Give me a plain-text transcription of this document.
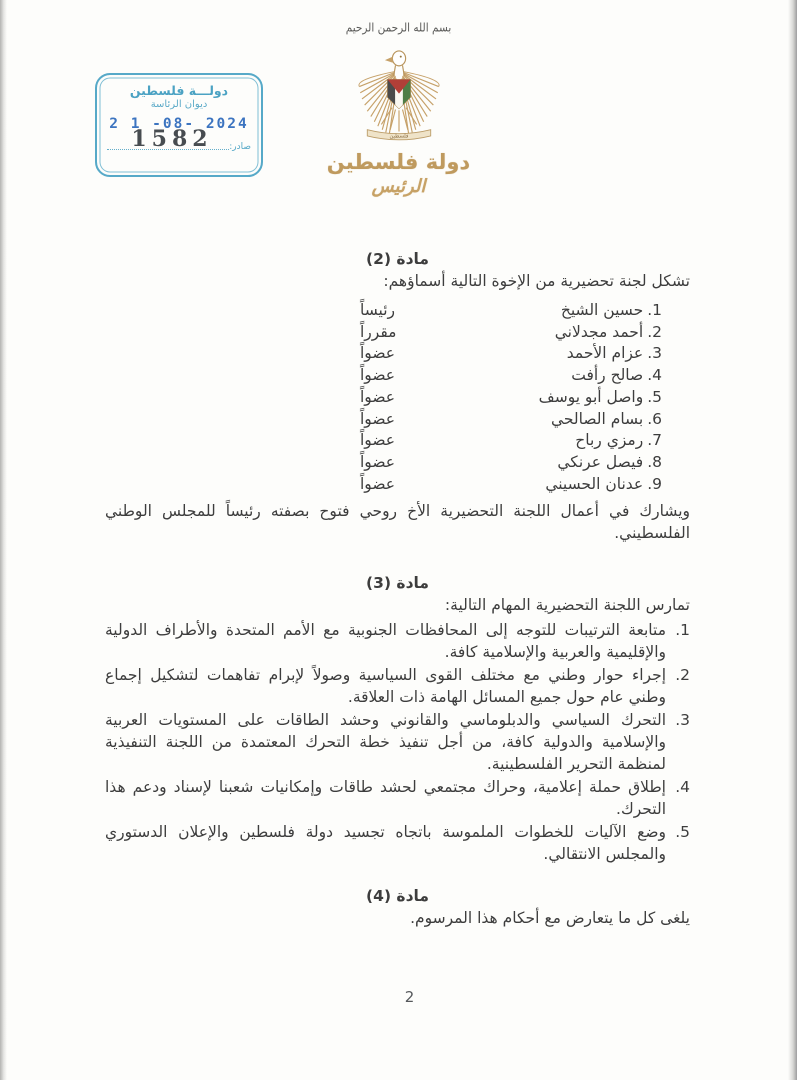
دولـــة فلسطين
ديوان الرئاسة
2 1 -08- 2024
صادر:
1582
بسم الله الرحمن الرحيم
فلسطين
دولة فلسطين
الرئيس
مادة (2)
تشكل لجنة تحضيرية من الإخوة التالية أسماؤهم:
1.حسين الشيخ
رئيساً
2.أحمد مجدلاني
مقرراً
3.عزام الأحمد
عضواً
4.صالح رأفت
عضواً
5.واصل أبو يوسف
عضواً
6.بسام الصالحي
عضواً
7.رمزي رباح
عضواً
8.فيصل عرنكي
عضواً
9.عدنان الحسيني
عضواً
ويشارك في أعمال اللجنة التحضيرية الأخ روحي فتوح بصفته رئيساً للمجلس الوطني الفلسطيني.
مادة (3)
تمارس اللجنة التحضيرية المهام التالية:
1.
متابعة الترتيبات للتوجه إلى المحافظات الجنوبية مع الأمم المتحدة والأطراف الدولية والإقليمية والعربية والإسلامية كافة.
2.
إجراء حوار وطني مع مختلف القوى السياسية وصولاً لإبرام تفاهمات لتشكيل إجماع وطني عام حول جميع المسائل الهامة ذات العلاقة.
3.
التحرك السياسي والدبلوماسي والقانوني وحشد الطاقات على المستويات العربية والإسلامية والدولية كافة، من أجل تنفيذ خطة التحرك المعتمدة من اللجنة التنفيذية لمنظمة التحرير الفلسطينية.
4.
إطلاق حملة إعلامية، وحراك مجتمعي لحشد طاقات وإمكانيات شعبنا لإسناد ودعم هذا التحرك.
5.
وضع الآليات للخطوات الملموسة باتجاه تجسيد دولة فلسطين والإعلان الدستوري والمجلس الانتقالي.
مادة (4)
يلغى كل ما يتعارض مع أحكام هذا المرسوم.
2
